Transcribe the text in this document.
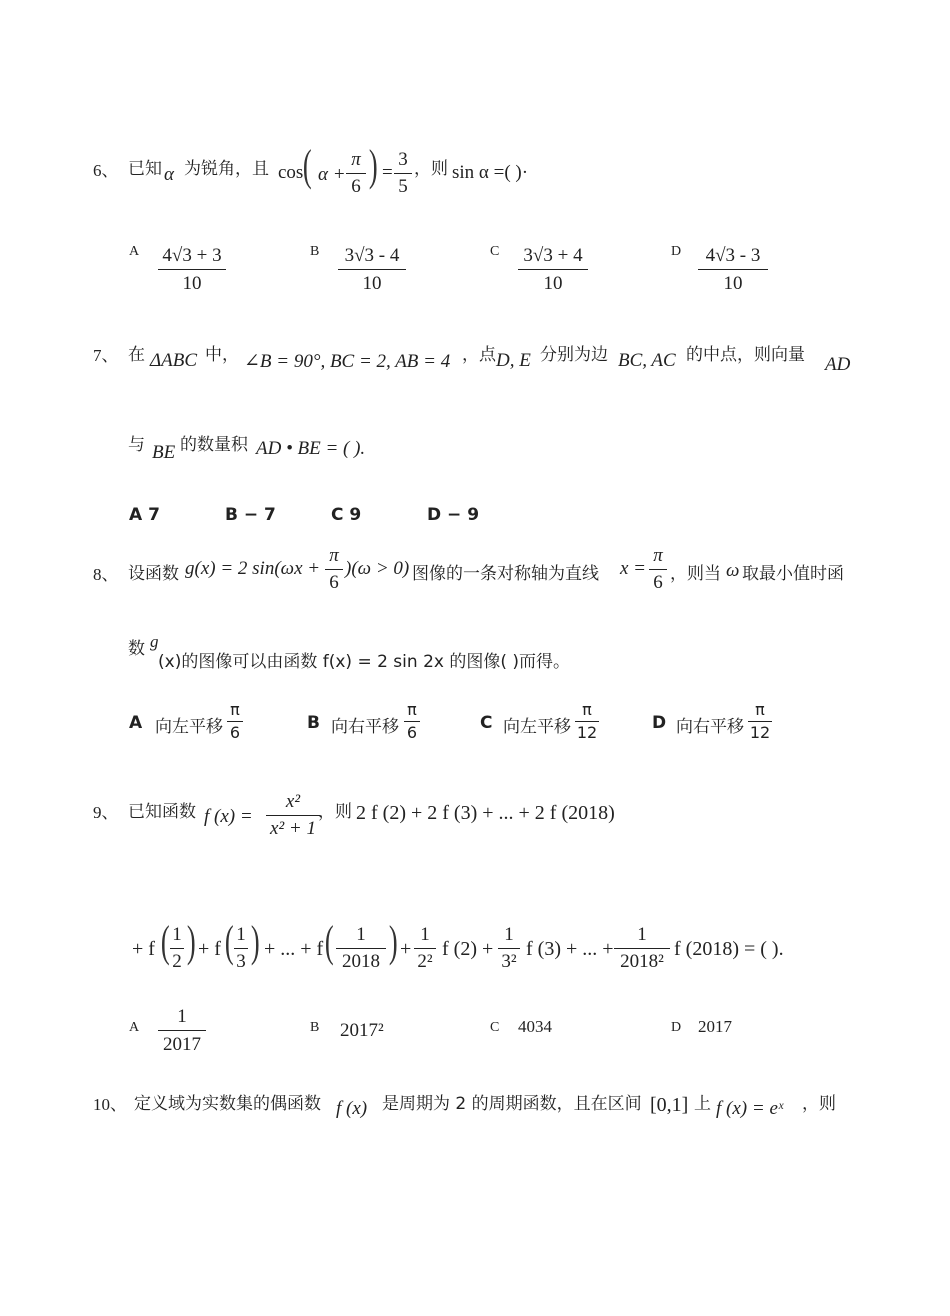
6、 已知 α 为锐角，且 cos ( α +
π
6 ) =
3
5
，则 sin α =( )·
A 4√3 + 3
10
B	3√3 - 4
10
C 3√3 + 4
10
D	4√3 - 3
10
7、 在 ΔABC 中， ∠B = 90°, BC = 2, AB = 4 ，点 D, E 分别为边 BC, AC 的中点，则向量 AD
与 BE 的数量积 AD • BE = ( ).
A 7	B − 7	C 9	D − 9
8、 设函数 g(x) = 2 sin(ωx +
π
6
)(ω > 0) 图像的一条对称轴为直线 x =
π
6 ，则当 ω 取最小值时函
数 g
(x)的图像可以由函数 f(x) = 2 sin 2x 的图像( )而得。
A 向左平移
π
6	B 向右平移
π
6	C 向左平移
π
12	D 向右平移
π
12
9、 已知函数 f (x) =
x²
x² + 1
，则 2 f (2) + 2 f (3) + ... + 2 f (2018)
+ f ( 1
2 ) + f ( 1
3 ) + ... + f (	1
2018 ) +
1
2²
f (2) +
1
3²
f (3) + ... +
1
2018²
f (2018) = ( ).
A
1
2017
B 2017²	C 4034	D 2017
10、 定义域为实数集的偶函数 f (x) 是周期为 2 的周期函数，且在区间 [0,1] 上 f (x) = eˣ ，则
